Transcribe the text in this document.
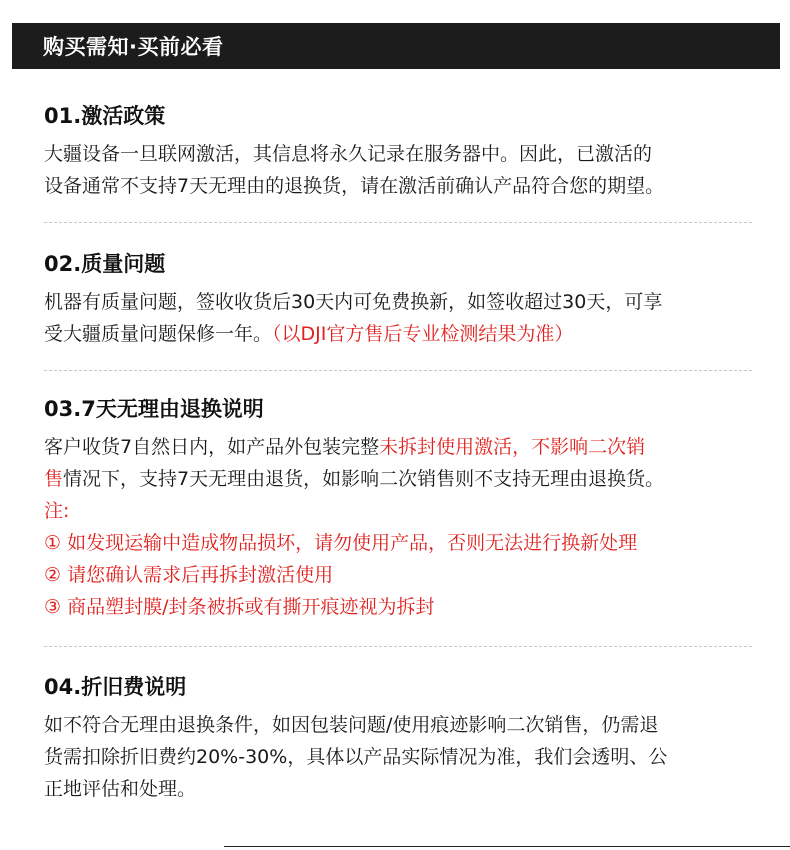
购买需知·买前必看
01.激活政策
大疆设备一旦联网激活，其信息将永久记录在服务器中。因此，已激活的
设备通常不支持7天无理由的退换货，请在激活前确认产品符合您的期望。
02.质量问题
机器有质量问题，签收收货后30天内可免费换新，如签收超过30天，可享
受大疆质量问题保修一年。（以DJI官方售后专业检测结果为准）
03.7天无理由退换说明
客户收货7自然日内，如产品外包装完整未拆封使用激活，不影响二次销
售情况下，支持7天无理由退货，如影响二次销售则不支持无理由退换货。
注:
① 如发现运输中造成物品损坏，请勿使用产品，否则无法进行换新处理
② 请您确认需求后再拆封激活使用
③ 商品塑封膜/封条被拆或有撕开痕迹视为拆封
04.折旧费说明
如不符合无理由退换条件，如因包装问题/使用痕迹影响二次销售，仍需退
货需扣除折旧费约20%-30%，具体以产品实际情况为准，我们会透明、公
正地评估和处理。
